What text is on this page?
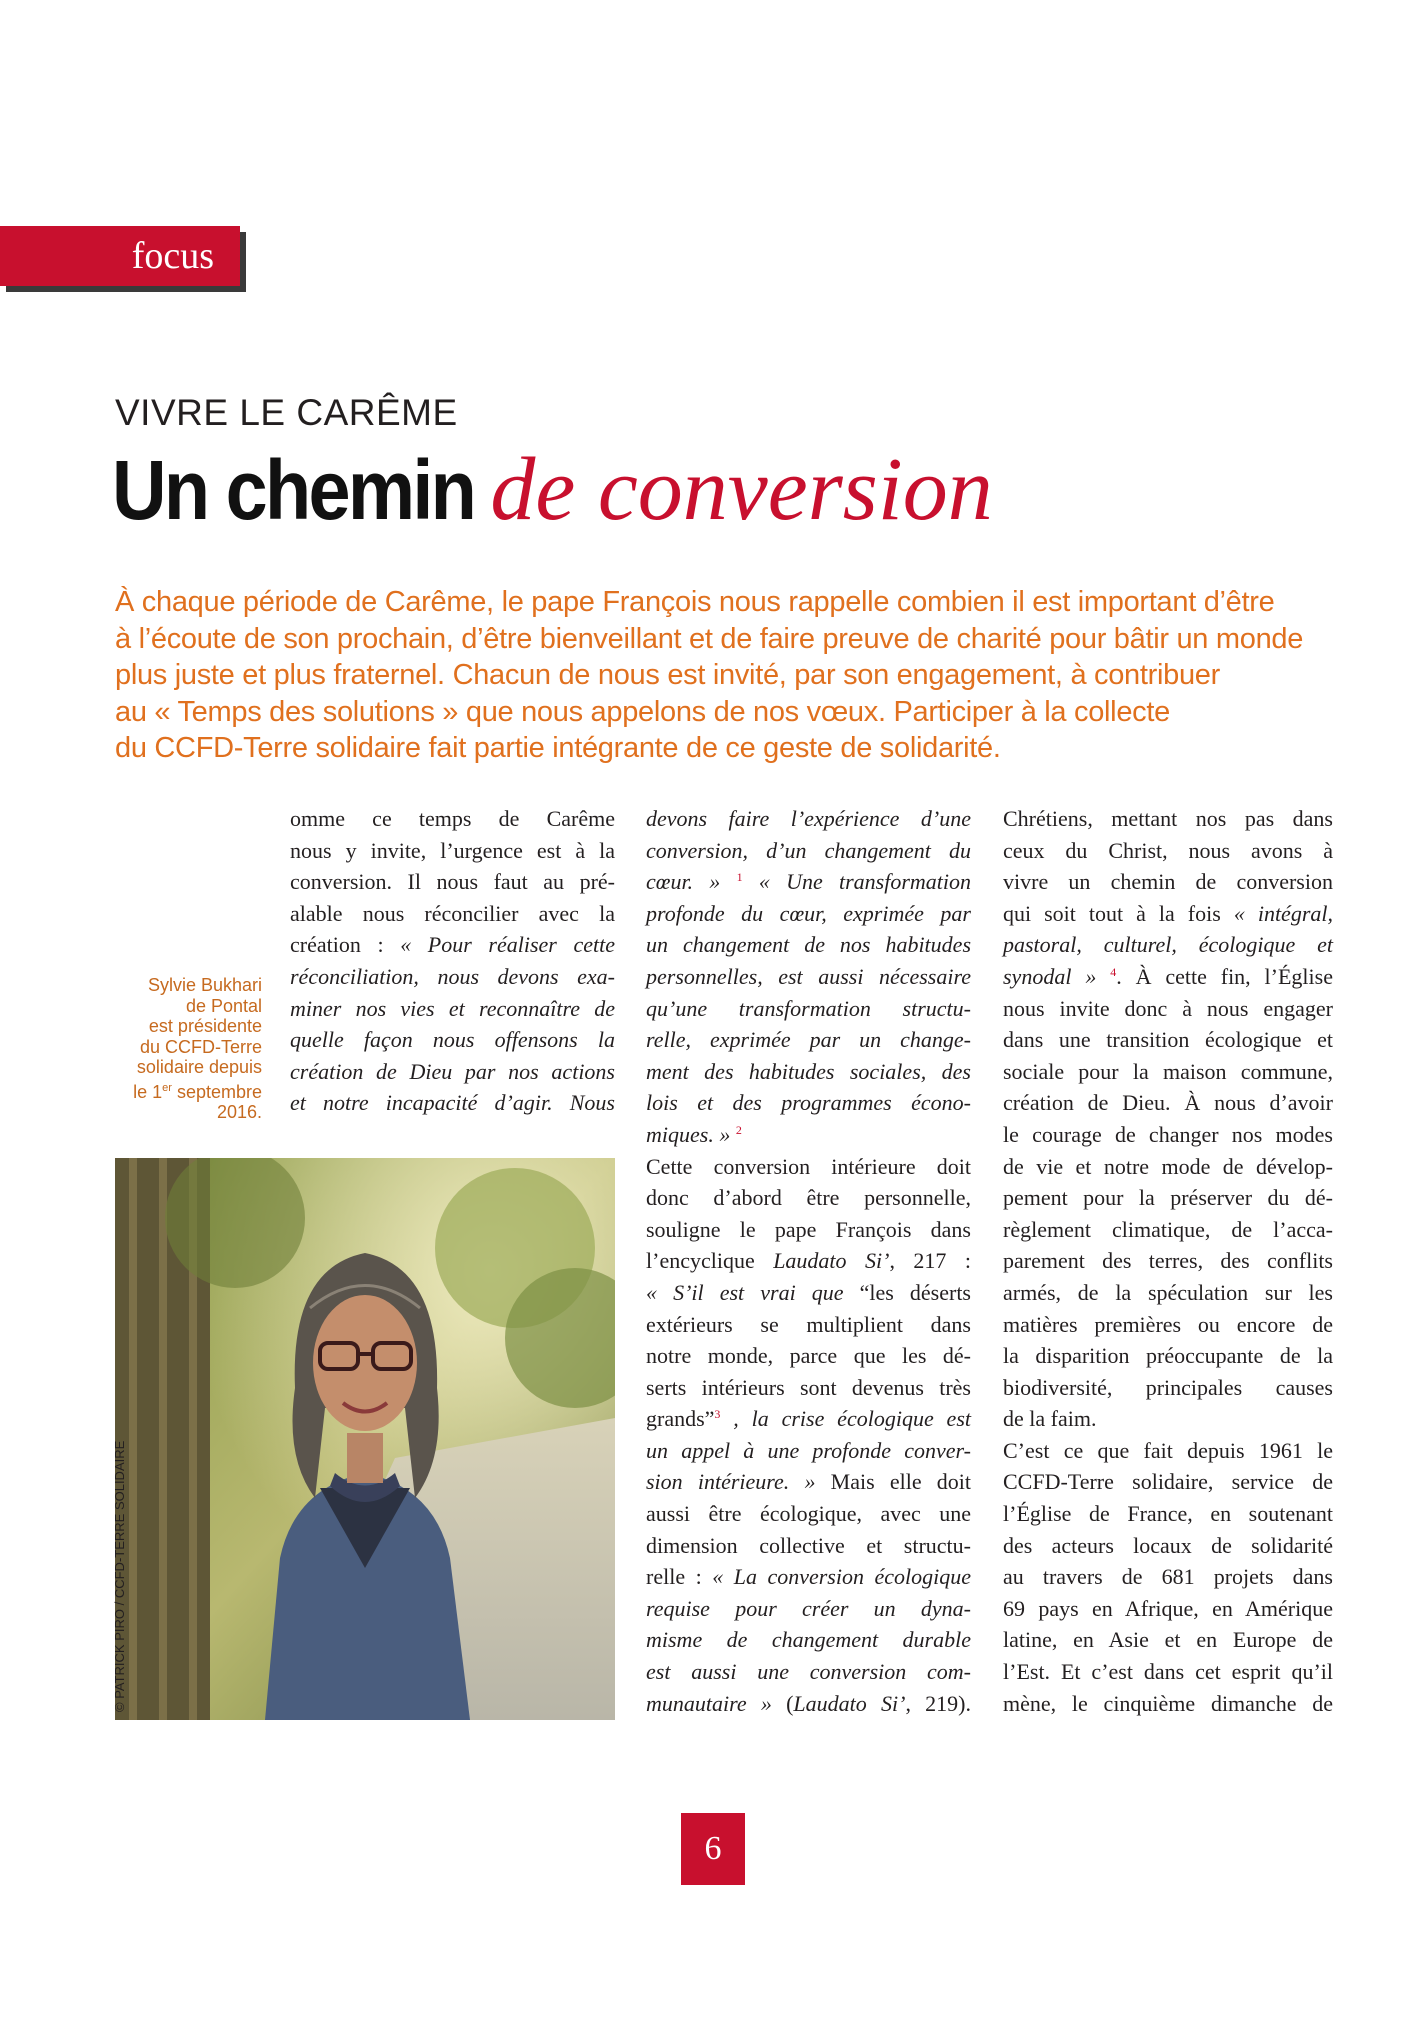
focus
VIVRE LE CARÊME
Un chemin de conversion
À chaque période de Carême, le pape François nous rappelle combien il est important d’être
à l’écoute de son prochain, d’être bienveillant et de faire preuve de charité pour bâtir un monde
plus juste et plus fraternel. Chacun de nous est invité, par son engagement, à contribuer
au « Temps des solutions » que nous appelons de nos vœux. Participer à la collecte
du CCFD-Terre solidaire fait partie intégrante de ce geste de solidarité.
Sylvie Bukhari
de Pontal
est présidente
du CCFD-Terre
solidaire depuis
le 1er septembre
2016.
© PATRICK PIRO / CCFD-TERRE SOLIDAIRE

omme ce temps de Carême

nous y invite, l’urgence est à la

conversion. Il nous faut au pré-

alable nous réconcilier avec la

création : « Pour réaliser cette

réconciliation, nous devons exa-

miner nos vies et reconnaître de

quelle façon nous offensons la

création de Dieu par nos actions

et notre incapacité d’agir. Nous

devons faire l’expérience d’une

conversion, d’un changement du

cœur. » $^1$ « Une transformation

profonde du cœur, exprimée par

un changement de nos habitudes

personnelles, est aussi nécessaire

qu’une transformation structu-

relle, exprimée par un change-

ment des habitudes sociales, des

lois et des programmes écono-

miques. » $^2$

Cette conversion intérieure doit

donc d’abord être personnelle,

souligne le pape François dans

l’encyclique Laudato Si’, 217 :

« S’il est vrai que “les déserts

extérieurs se multiplient dans

notre monde, parce que les dé-

serts intérieurs sont devenus très

grands”$^3$ , la crise écologique est

un appel à une profonde conver-

sion intérieure. » Mais elle doit

aussi être écologique, avec une

dimension collective et structu-

relle : « La conversion écologique

requise pour créer un dyna-

misme de changement durable

est aussi une conversion com-

munautaire » (Laudato Si’, 219).

Chrétiens, mettant nos pas dans

ceux du Christ, nous avons à

vivre un chemin de conversion

qui soit tout à la fois « intégral,

pastoral, culturel, écologique et

synodal » $^4$. À cette fin, l’Église

nous invite donc à nous engager

dans une transition écologique et

sociale pour la maison commune,

création de Dieu. À nous d’avoir

le courage de changer nos modes

de vie et notre mode de dévelop-

pement pour la préserver du dé-

règlement climatique, de l’acca-

parement des terres, des conflits

armés, de la spéculation sur les

matières premières ou encore de

la disparition préoccupante de la

biodiversité, principales causes

de la faim.

C’est ce que fait depuis 1961 le

CCFD-Terre solidaire, service de

l’Église de France, en soutenant

des acteurs locaux de solidarité

au travers de 681 projets dans

69 pays en Afrique, en Amérique

latine, en Asie et en Europe de

l’Est. Et c’est dans cet esprit qu’il

mène, le cinquième dimanche de

6
